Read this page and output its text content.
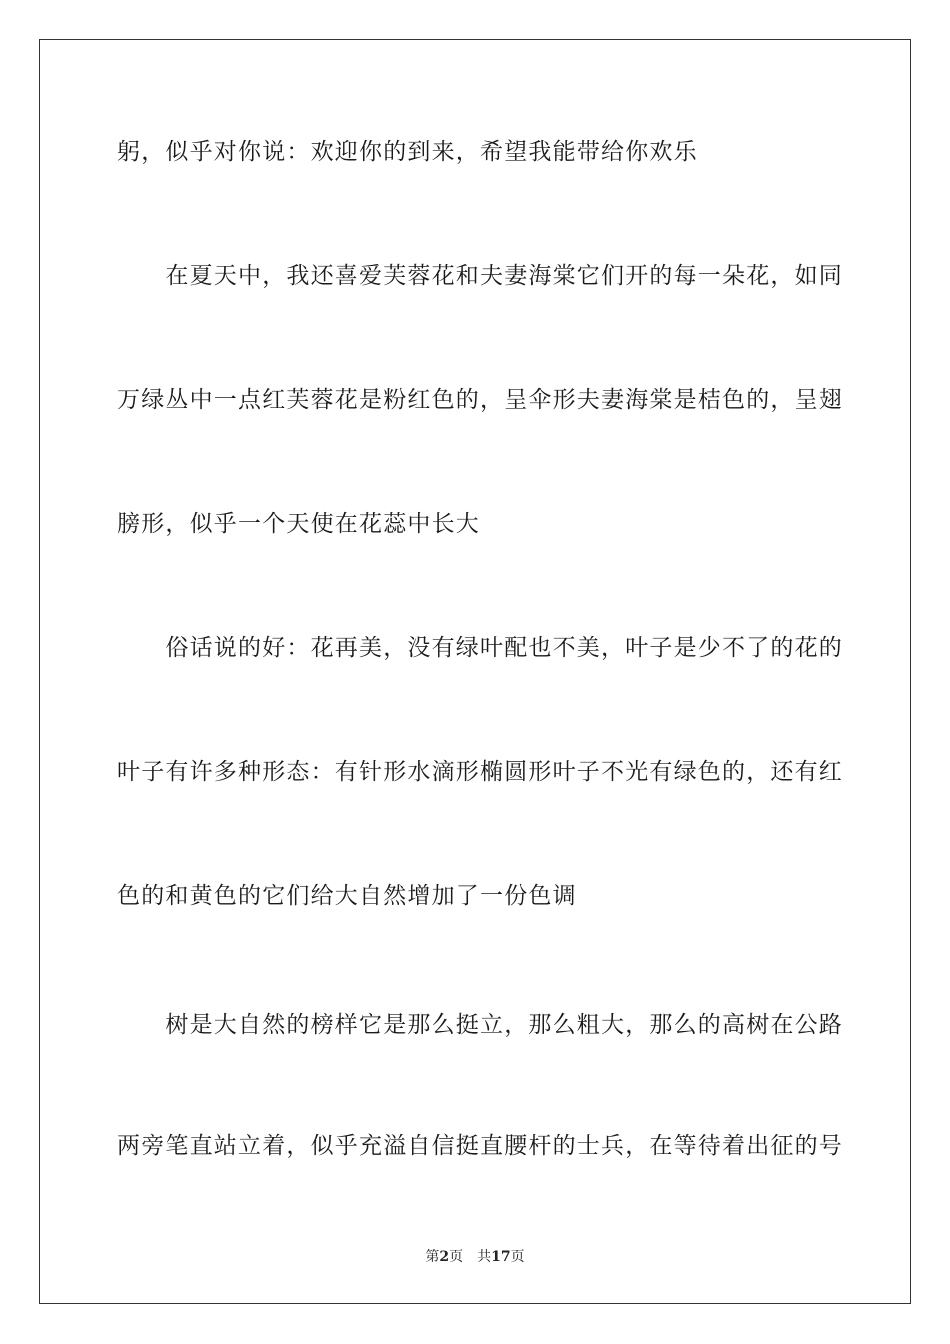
躬，似乎对你说：欢迎你的到来，希望我能带给你欢乐
　　在夏天中，我还喜爱芙蓉花和夫妻海棠它们开的每一朵花，如同
万绿丛中一点红芙蓉花是粉红色的，呈伞形夫妻海棠是桔色的，呈翅
膀形，似乎一个天使在花蕊中长大
　　俗话说的好：花再美，没有绿叶配也不美，叶子是少不了的花的
叶子有许多种形态：有针形水滴形椭圆形叶子不光有绿色的，还有红
色的和黄色的它们给大自然增加了一份色调
　　树是大自然的榜样它是那么挺立，那么粗大，那么的高树在公路
两旁笔直站立着，似乎充溢自信挺直腰杆的士兵，在等待着出征的号
第2页 共17页
